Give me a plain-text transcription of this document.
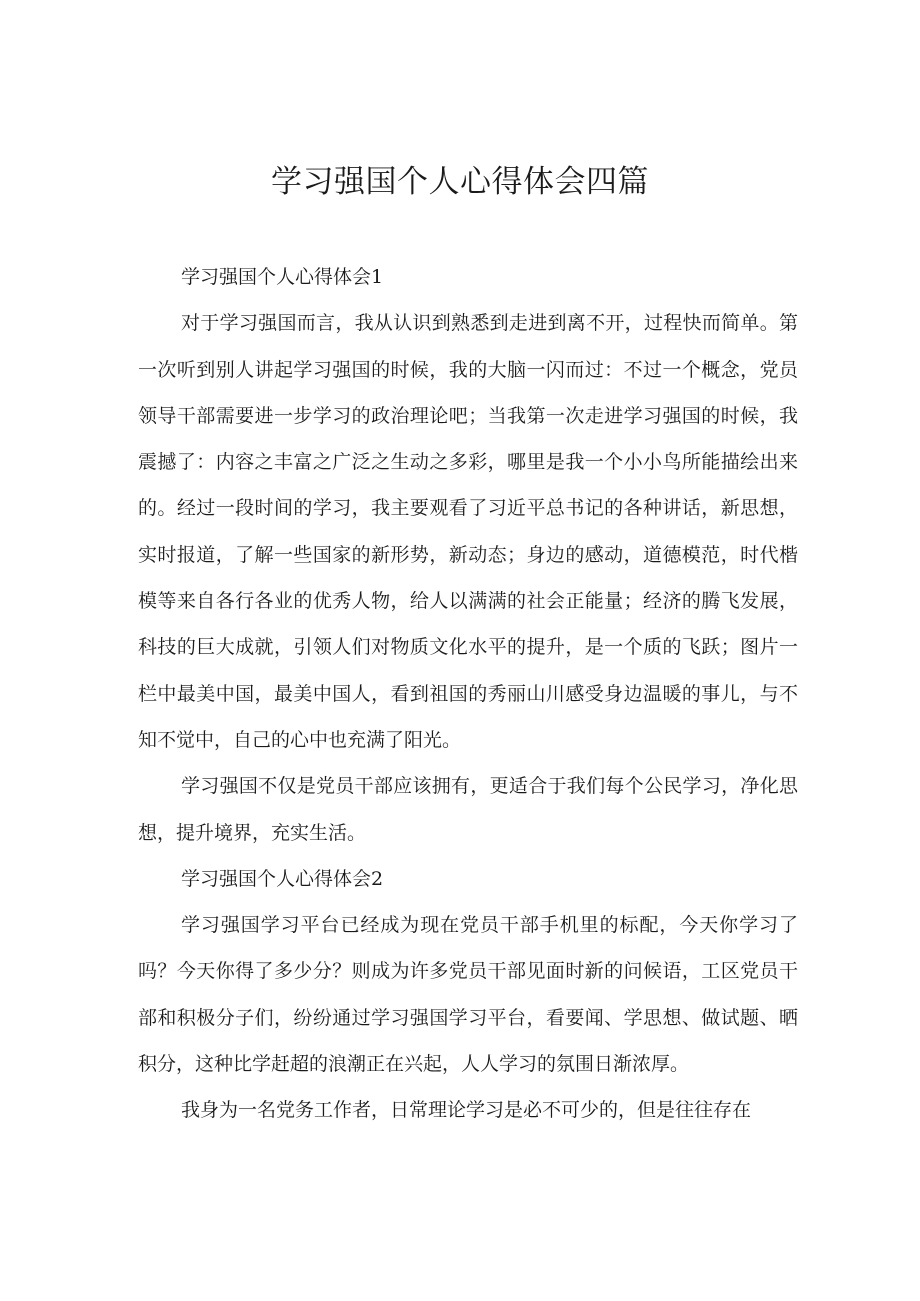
学习强国个人心得体会四篇

学习强国个人心得体会1

对于学习强国而言，我从认识到熟悉到走进到离不开，过程快而简单。第一次听到别人讲起学习强国的时候，我的大脑一闪而过：不过一个概念，党员领导干部需要进一步学习的政治理论吧；当我第一次走进学习强国的时候，我震撼了：内容之丰富之广泛之生动之多彩，哪里是我一个小小鸟所能描绘出来的。经过一段时间的学习，我主要观看了习近平总书记的各种讲话，新思想，实时报道，了解一些国家的新形势，新动态；身边的感动，道德模范，时代楷模等来自各行各业的优秀人物，给人以满满的社会正能量；经济的腾飞发展，科技的巨大成就，引领人们对物质文化水平的提升，是一个质的飞跃；图片一栏中最美中国，最美中国人，看到祖国的秀丽山川感受身边温暖的事儿，与不知不觉中，自己的心中也充满了阳光。

学习强国不仅是党员干部应该拥有，更适合于我们每个公民学习，净化思想，提升境界，充实生活。

学习强国个人心得体会2

学习强国学习平台已经成为现在党员干部手机里的标配，今天你学习了吗？今天你得了多少分？则成为许多党员干部见面时新的问候语，工区党员干部和积极分子们，纷纷通过学习强国学习平台，看要闻、学思想、做试题、晒积分，这种比学赶超的浪潮正在兴起，人人学习的氛围日渐浓厚。

我身为一名党务工作者，日常理论学习是必不可少的，但是往往存在
